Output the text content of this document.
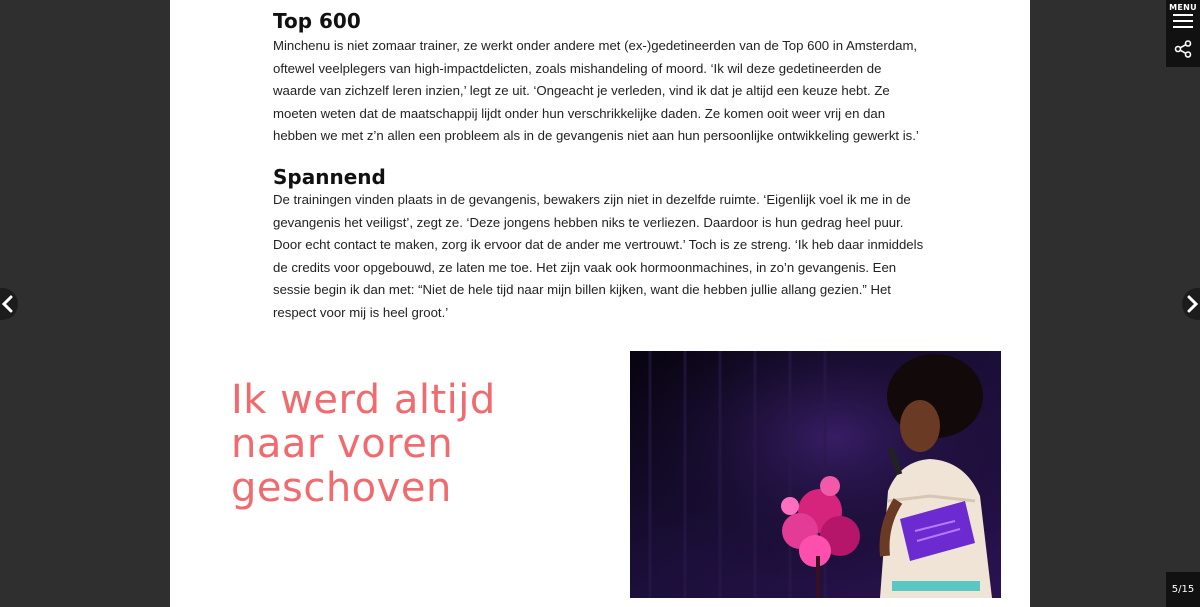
Top 600

Minchenu is niet zomaar trainer, ze werkt onder andere met (ex-)gedetineerden van de Top 600 in Amsterdam,
oftewel veelplegers van high-impactdelicten, zoals mishandeling of moord. ‘Ik wil deze gedetineerden de
waarde van zichzelf leren inzien,’ legt ze uit. ‘Ongeacht je verleden, vind ik dat je altijd een keuze hebt. Ze
moeten weten dat de maatschappij lijdt onder hun verschrikkelijke daden. Ze komen ooit weer vrij en dan
hebben we met z’n allen een probleem als in de gevangenis niet aan hun persoonlijke ontwikkeling gewerkt is.’

Spannend

De trainingen vinden plaats in de gevangenis, bewakers zijn niet in dezelfde ruimte. ‘Eigenlijk voel ik me in de
gevangenis het veiligst’, zegt ze. ‘Deze jongens hebben niks te verliezen. Daardoor is hun gedrag heel puur.
Door echt contact te maken, zorg ik ervoor dat de ander me vertrouwt.’ Toch is ze streng. ‘Ik heb daar inmiddels
de credits voor opgebouwd, ze laten me toe. Het zijn vaak ook hormoonmachines, in zo’n gevangenis. Een
sessie begin ik dan met: “Niet de hele tijd naar mijn billen kijken, want die hebben jullie allang gezien.” Het
respect voor mij is heel groot.’

Ik werd altijd
naar voren
geschoven
MENU
5/15
